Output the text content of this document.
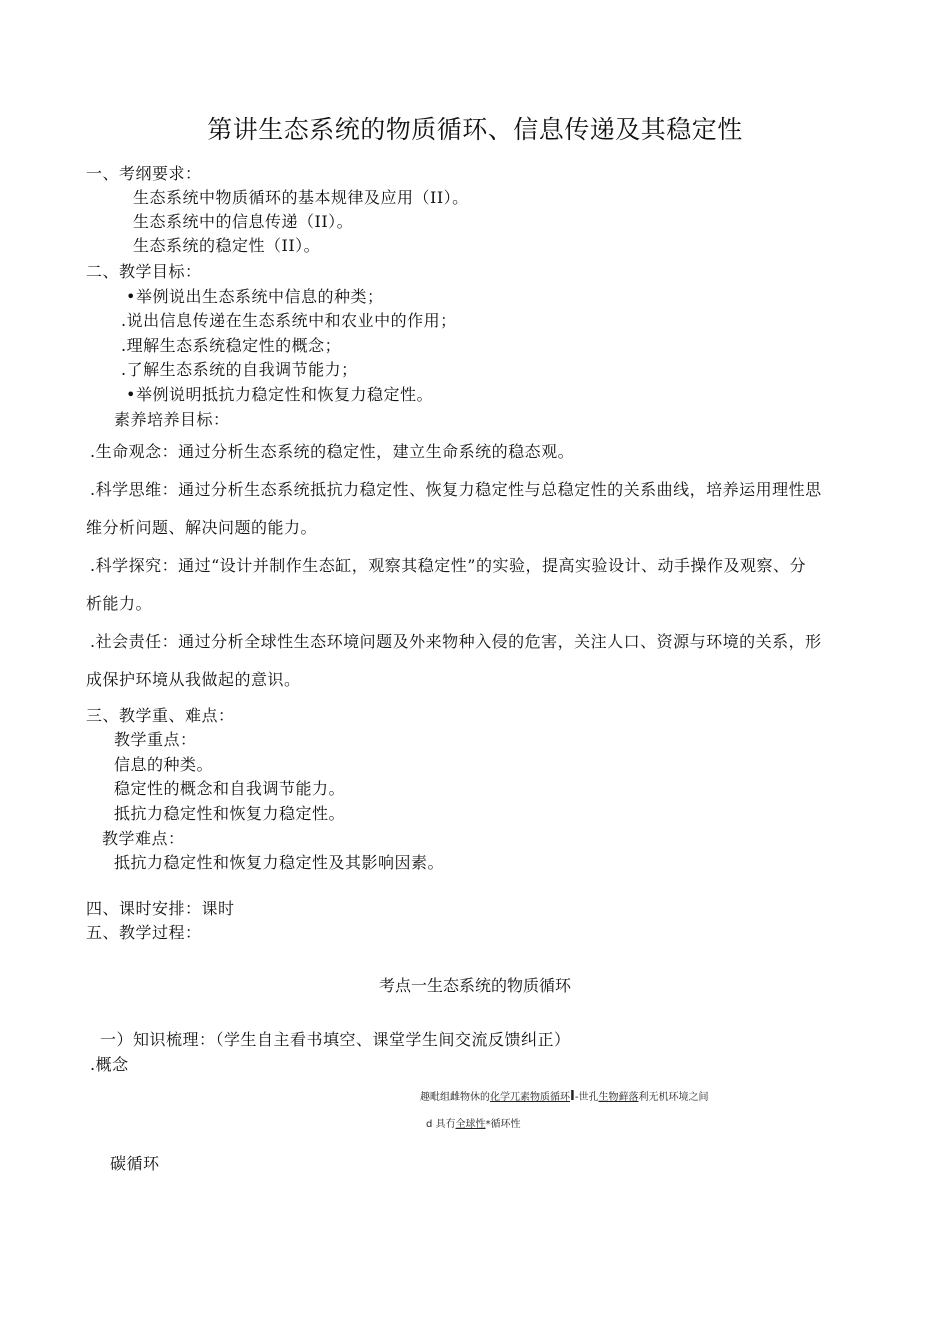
第讲生态系统的物质循环、信息传递及其稳定性
一、考纲要求：
生态系统中物质循环的基本规律及应用（II）。
生态系统中的信息传递（II）。
生态系统的稳定性（II）。
二、教学目标：
•举例说出生态系统中信息的种类；
.说出信息传递在生态系统中和农业中的作用；
.理解生态系统稳定性的概念；
.了解生态系统的自我调节能力；
•举例说明抵抗力稳定性和恢复力稳定性。
素养培养目标：
.生命观念：通过分析生态系统的稳定性，建立生命系统的稳态观。
.科学思维：通过分析生态系统抵抗力稳定性、恢复力稳定性与总稳定性的关系曲线，培养运用理性思
维分析问题、解决问题的能力。
.科学探究：通过“设计并制作生态缸，观察其稳定性”的实验，提高实验设计、动手操作及观察、分
析能力。
.社会责任：通过分析全球性生态环境问题及外来物种入侵的危害，关注人口、资源与环境的关系，形
成保护环境从我做起的意识。
三、教学重、难点：
教学重点：
信息的种类。
稳定性的概念和自我调节能力。
抵抗力稳定性和恢复力稳定性。
教学难点：
抵抗力稳定性和恢复力稳定性及其影响因素。
四、课时安排：课时
五、教学过程：
考点一生态系统的物质循环
一）知识梳理：（学生自主看书填空、课堂学生间交流反馈纠正）
.概念
趣毗组雌物休的化学兀素物质循环I-世孔生物藓落利无机环境之间
d 具冇全球性*循环性
碳循环
